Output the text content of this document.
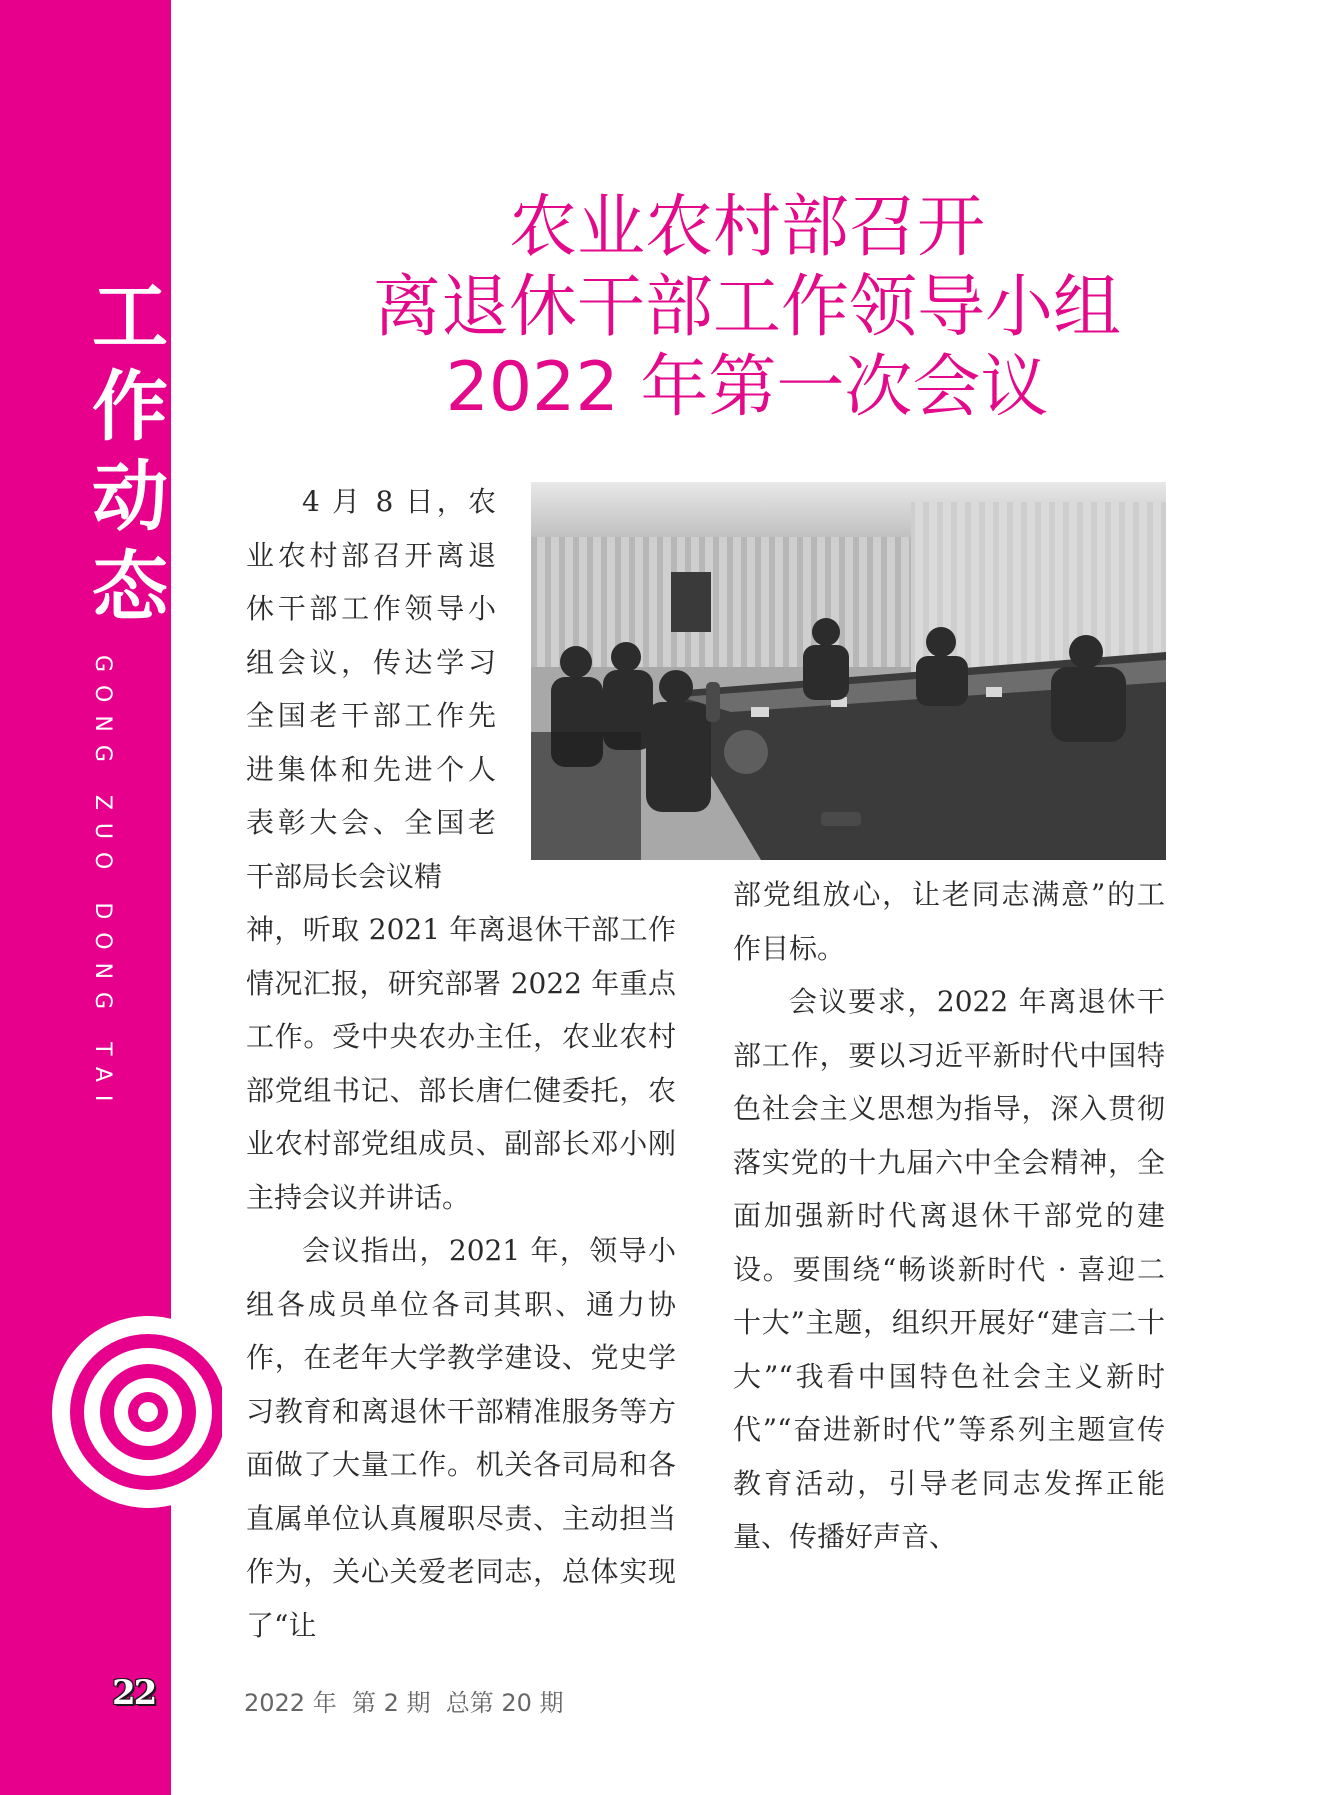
工
作
动
态
GONG ZUO DONG TAI
22	2022 年  第 2 期  总第 20 期
农业农村部召开
离退休干部工作领导小组
2022 年第一次会议

4 月 8 日，农业农村部召开离退休干部工作领导小组会议，传达学习全国老干部工作先进集体和先进个人表彰大会、全国老干部局长会议精

神，听取 2021 年离退休干部工作情况汇报，研究部署 2022 年重点工作。受中央农办主任，农业农村部党组书记、部长唐仁健委托，农业农村部党组成员、副部长邓小刚主持会议并讲话。

会议指出，2021 年，领导小组各成员单位各司其职、通力协作，在老年大学教学建设、党史学习教育和离退休干部精准服务等方面做了大量工作。机关各司局和各直属单位认真履职尽责、主动担当作为，关心关爱老同志，总体实现了“让

部党组放心，让老同志满意”的工作目标。

会议要求，2022 年离退休干部工作，要以习近平新时代中国特色社会主义思想为指导，深入贯彻落实党的十九届六中全会精神，全面加强新时代离退休干部党的建设。要围绕“畅谈新时代 · 喜迎二十大”主题，组织开展好“建言二十大”“我看中国特色社会主义新时代”“奋进新时代”等系列主题宣传教育活动，引导老同志发挥正能量、传播好声音、
